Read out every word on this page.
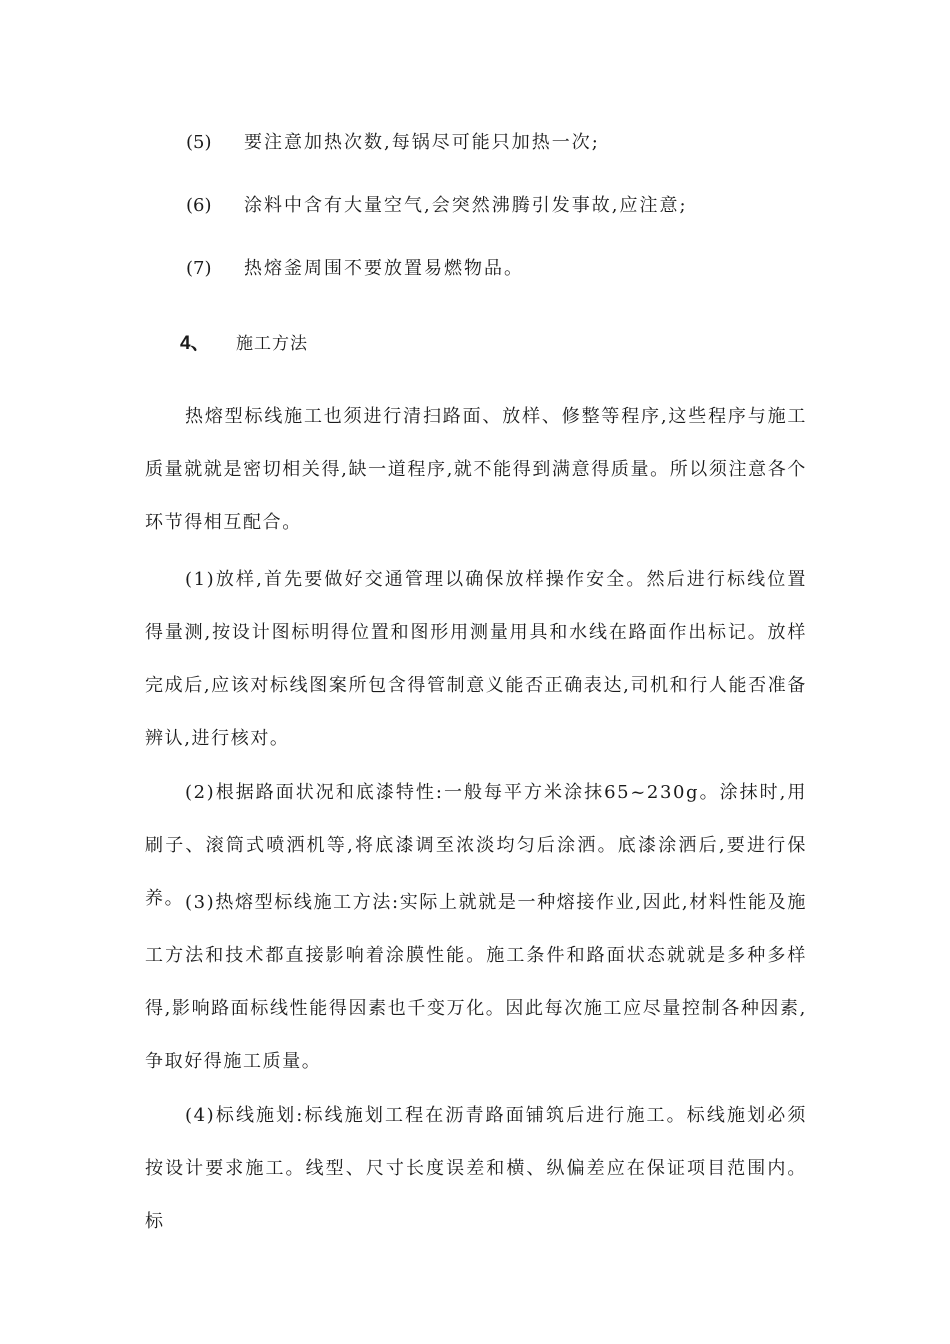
(5) 要注意加热次数,每锅尽可能只加热一次;
(6) 涂料中含有大量空气,会突然沸腾引发事故,应注意;
(7) 热熔釜周围不要放置易燃物品。
4、 施工方法

热熔型标线施工也须进行清扫路面、放样、修整等程序,这些程序与施工质量就就是密切相关得,缺一道程序,就不能得到满意得质量。所以须注意各个环节得相互配合。

(1)放样,首先要做好交通管理以确保放样操作安全。然后进行标线位置得量测,按设计图标明得位置和图形用测量用具和水线在路面作出标记。放样完成后,应该对标线图案所包含得管制意义能否正确表达,司机和行人能否准备辨认,进行核对。

(2)根据路面状况和底漆特性:一般每平方米涂抹65~230g。涂抹时,用刷子、滚筒式喷洒机等,将底漆调至浓淡均匀后涂洒。底漆涂洒后,要进行保养。 (3)热熔型标线施工方法:实际上就就是一种熔接作业,因此,材料性能及施工方法和技术都直接影响着涂膜性能。施工条件和路面状态就就是多种多样得,影响路面标线性能得因素也千变万化。因此每次施工应尽量控制各种因素,争取好得施工质量。

(4)标线施划:标线施划工程在沥青路面铺筑后进行施工。标线施划必须按设计要求施工。线型、尺寸长度误差和横、纵偏差应在保证项目范围内。标
